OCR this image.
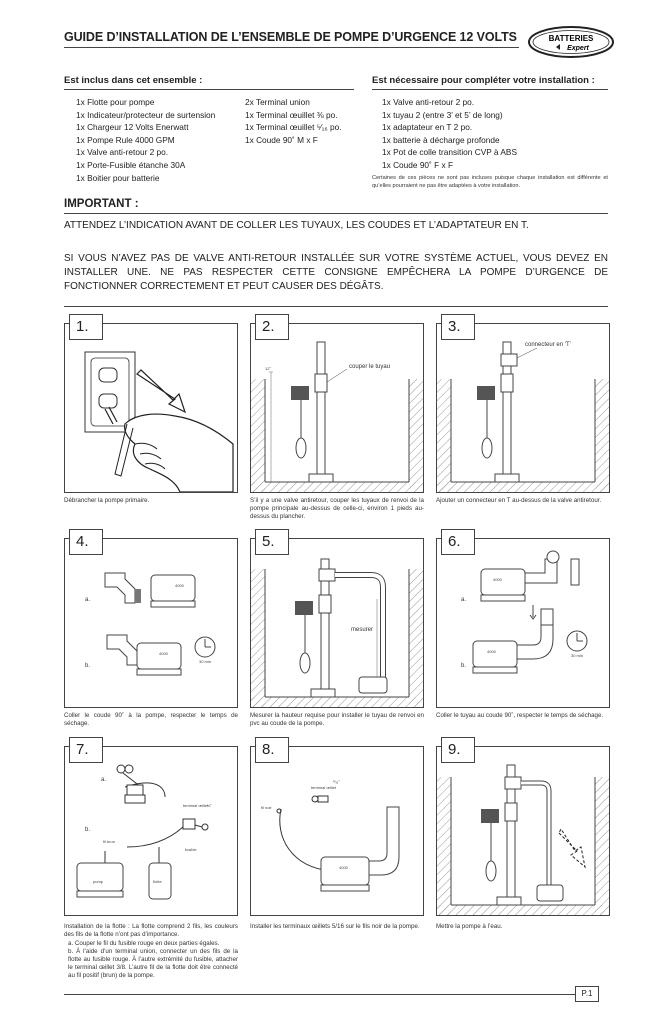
GUIDE D’INSTALLATION DE L’ENSEMBLE DE POMPE D’URGENCE 12 VOLTS	BATTERIES
Expert
Est inclus dans cet ensemble :
1x Flotte pour pompe
1x Indicateur/protecteur de surtension
1x Chargeur 12 Volts Enerwatt
1x Pompe Rule 4000 GPM
1x Valve anti-retour 2 po.
1x Porte-Fusible étanche 30A
1x Boitier pour batterie
2x Terminal union
1x Terminal œuillet ⅜ po.
1x Terminal œuillet ⁵⁄₁₆ po.
1x Coude 90˚ M x F
Est nécessaire pour compléter votre installation :
1x Valve anti-retour 2 po.
1x tuyau 2 (entre 3’ et 5’ de long)
1x adaptateur en T 2 po.
1x batterie à décharge profonde
1x Pot de colle transition CVP à ABS
1x Coude 90˚ F x F
Certaines de ces pièces ne sont pas incluses puisque chaque installation est différente et qu’elles pourraient ne pas être adaptées à votre installation.
IMPORTANT :
ATTENDEZ L’INDICATION AVANT DE COLLER LES TUYAUX, LES COUDES ET L’ADAPTATEUR EN T.
SI VOUS N’AVEZ PAS DE VALVE ANTI-RETOUR INSTALLÉE SUR VOTRE SYSTÈME ACTUEL, VOUS DEVEZ EN INSTALLER UNE. NE PAS RESPECTER CETTE CONSIGNE EMPÊCHERA LA POMPE D’URGENCE DE FONCTIONNER CORRECTEMENT ET PEUT CAUSER DES DÉGÂTS.
1.
Débrancher la pompe primaire.
12˝	couper le tuyau
2.
S’il y a une valve antiretour, couper les tuyaux de renvoi de la pompe principale au-dessus de celle-ci, environ 1 pieds au-dessus du plancher.
connecteur en ‘T’
3.
Ajouter un connecteur en T au-dessus de la valve antiretour.
a.
4000
b.
4000
30 min
4.
Coller le coude 90˚ à la pompe, respecter le temps de séchage.
mesurer
5.
Mesurer la hauteur requise pour installer le tuyau de renvoi en pvc au coude de la pompe.
a.
4000
b.
4000
30 min
6.
Coller le tuyau au coude 90˚, respecter le temps de séchage.
a.
b.
terminal œillet
⅜˝
fusible
fil brun
pump	flotte
7.
Installation de la flotte : La flotte comprend 2 fils, les couleurs des fils de la flotte n’ont pas d’importance.
a. Couper le fil du fusible rouge en deux parties égales.
b. À l’aide d’un terminal union, connecter un des fils de la flotte au fusible rouge. À l’autre extrémité du fusible, attacher le terminal œillet 3/8. L’autre fil de la flotte doit être connecté au fil positif (brun) de la pompe.
terminal œillet
⁵⁄₁₆˝
fil noir
4000
8.
Installer les terminaux œillets 5/16 sur le fils noir de la pompe.
9.
Mettre la pompe à l’eau.
P.1
